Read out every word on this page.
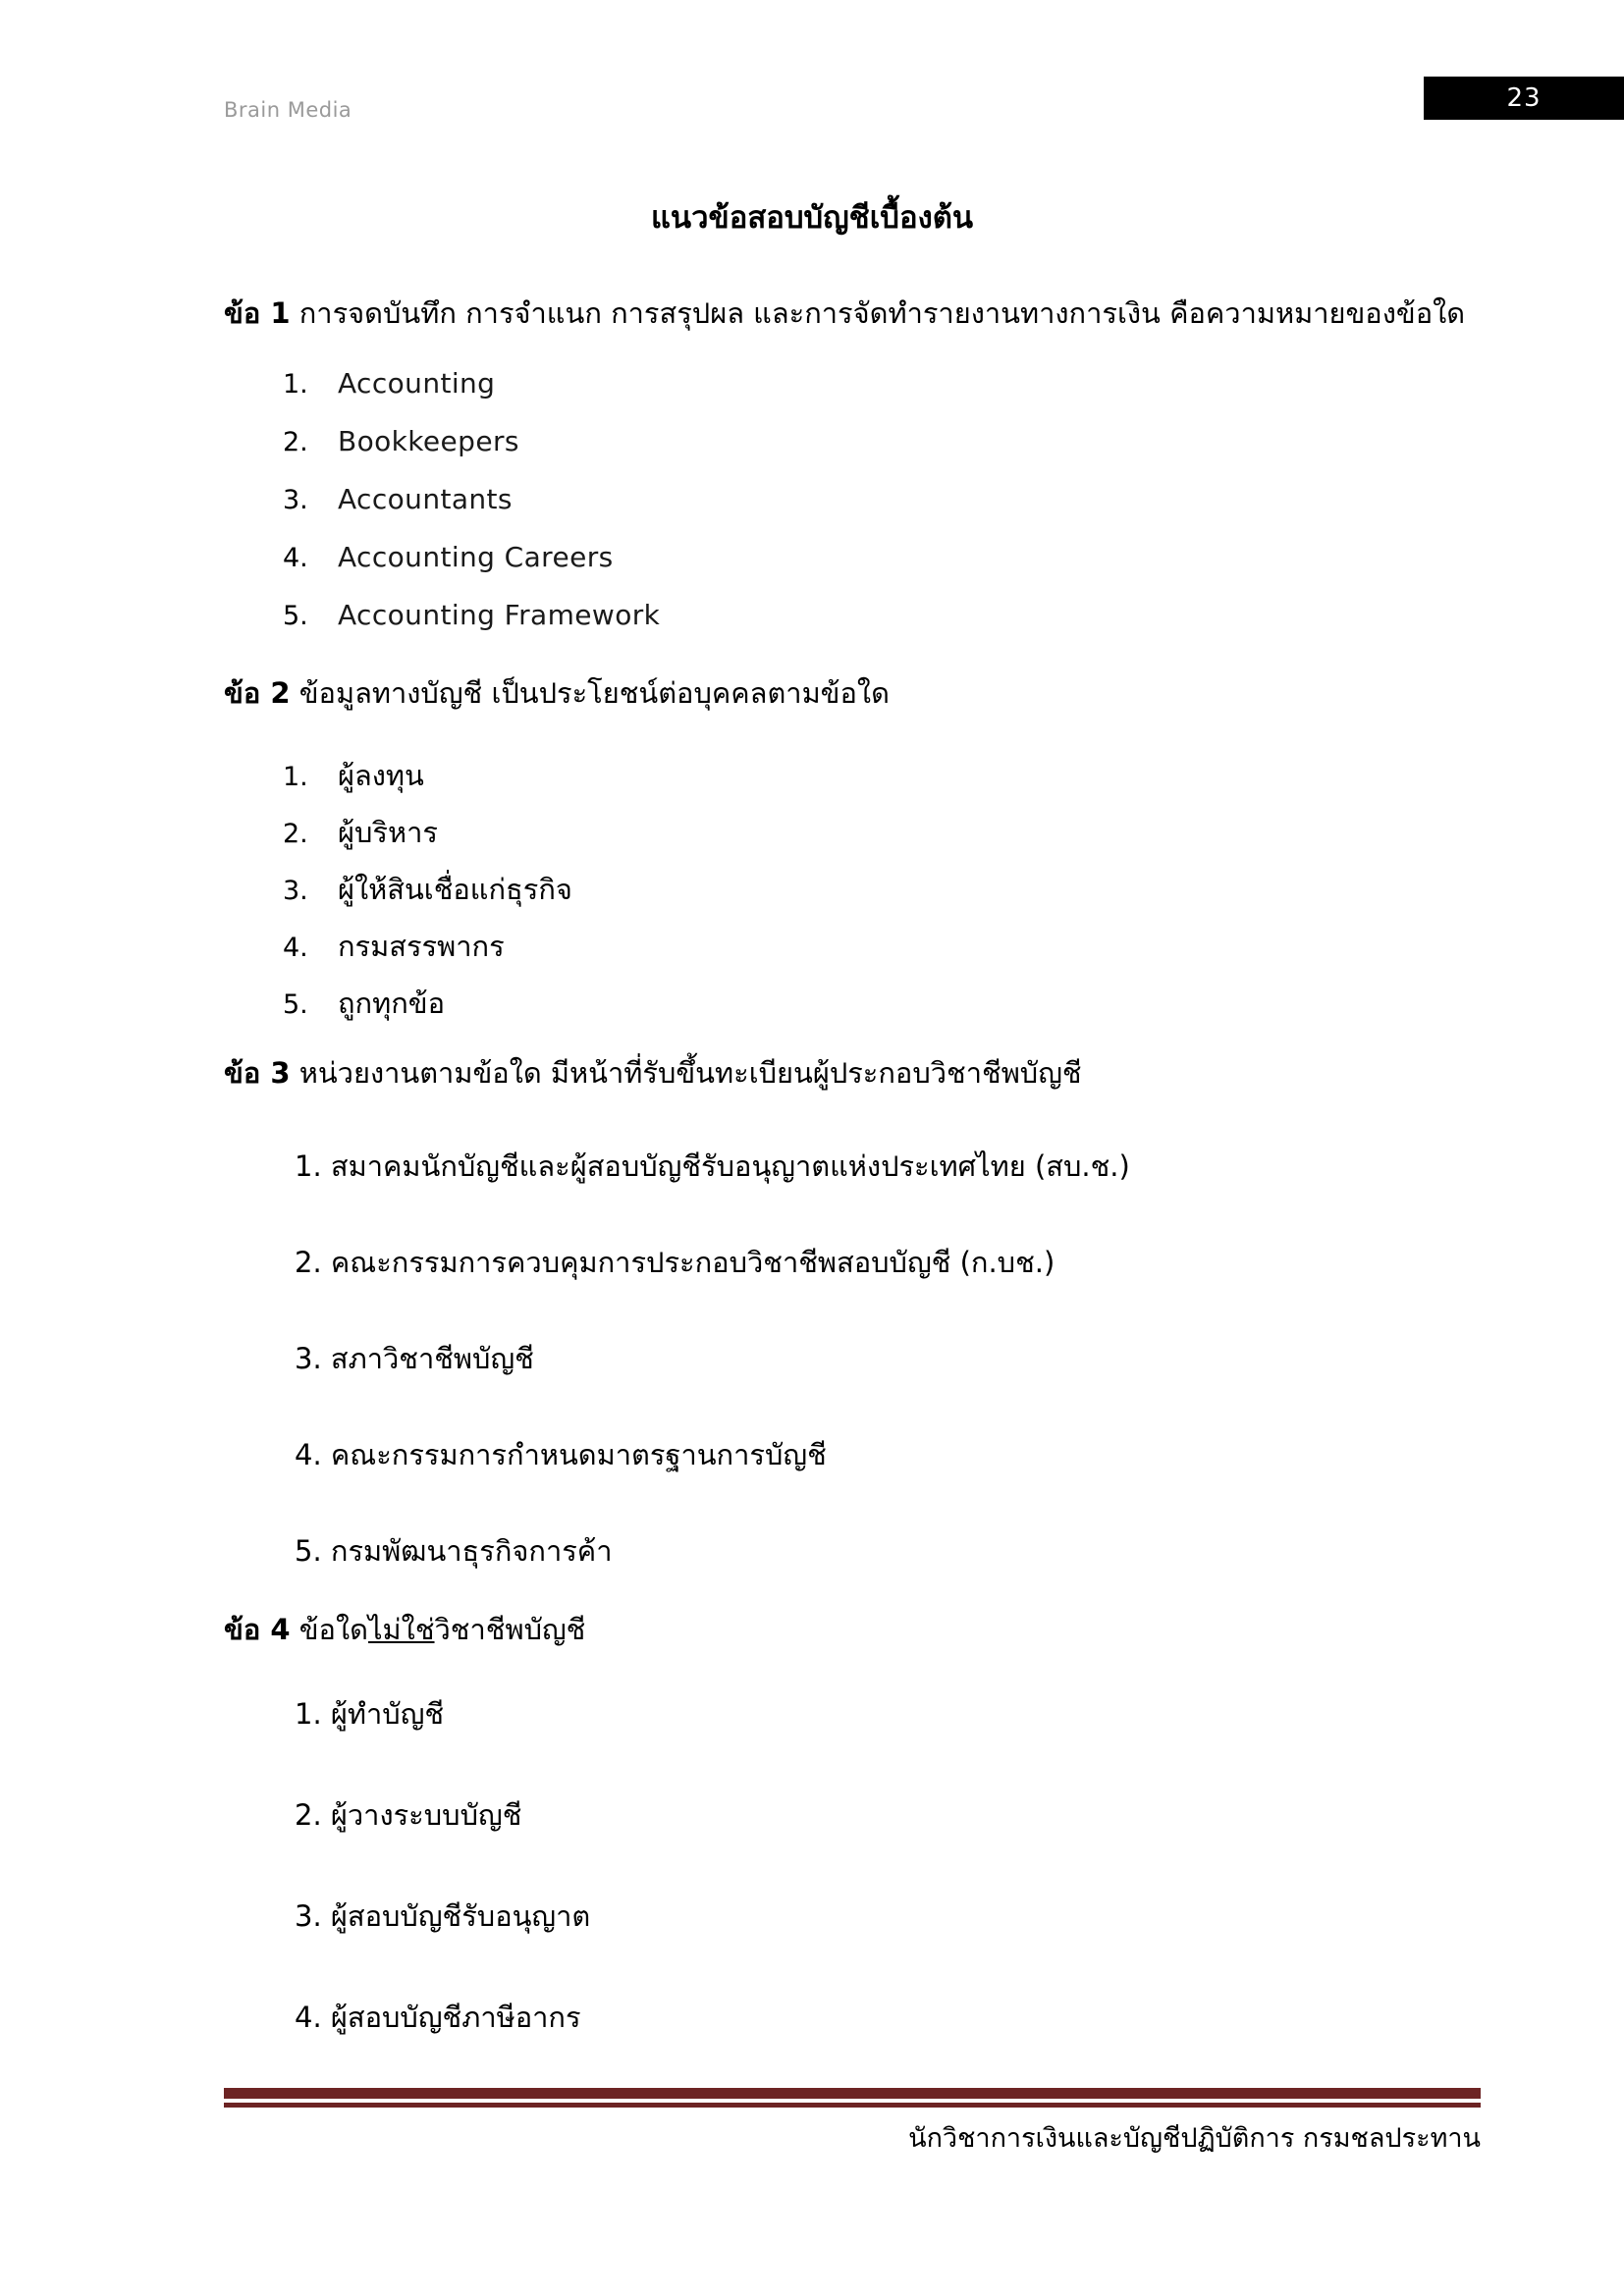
Brain Media	23
แนวข้อสอบบัญชีเบื้องต้น
ข้อ 1 การจดบันทึก การจำแนก การสรุปผล และการจัดทำรายงานทางการเงิน คือความหมายของข้อใด
1.	Accounting
2.	Bookkeepers
3.	Accountants
4.	Accounting Careers
5.	Accounting Framework
ข้อ 2 ข้อมูลทางบัญชี เป็นประโยชน์ต่อบุคคลตามข้อใด
1.	ผู้ลงทุน
2.	ผู้บริหาร
3.	ผู้ให้สินเชื่อแก่ธุรกิจ
4.	กรมสรรพากร
5.	ถูกทุกข้อ
ข้อ 3 หน่วยงานตามข้อใด มีหน้าที่รับขึ้นทะเบียนผู้ประกอบวิชาชีพบัญชี
1. สมาคมนักบัญชีและผู้สอบบัญชีรับอนุญาตแห่งประเทศไทย (สบ.ช.)
2. คณะกรรมการควบคุมการประกอบวิชาชีพสอบบัญชี (ก.บช.)
3. สภาวิชาชีพบัญชี
4. คณะกรรมการกำหนดมาตรฐานการบัญชี
5. กรมพัฒนาธุรกิจการค้า
ข้อ 4 ข้อใดไม่ใช่วิชาชีพบัญชี
1. ผู้ทำบัญชี
2. ผู้วางระบบบัญชี
3. ผู้สอบบัญชีรับอนุญาต
4. ผู้สอบบัญชีภาษีอากร
นักวิชาการเงินและบัญชีปฏิบัติการ กรมชลประทาน
